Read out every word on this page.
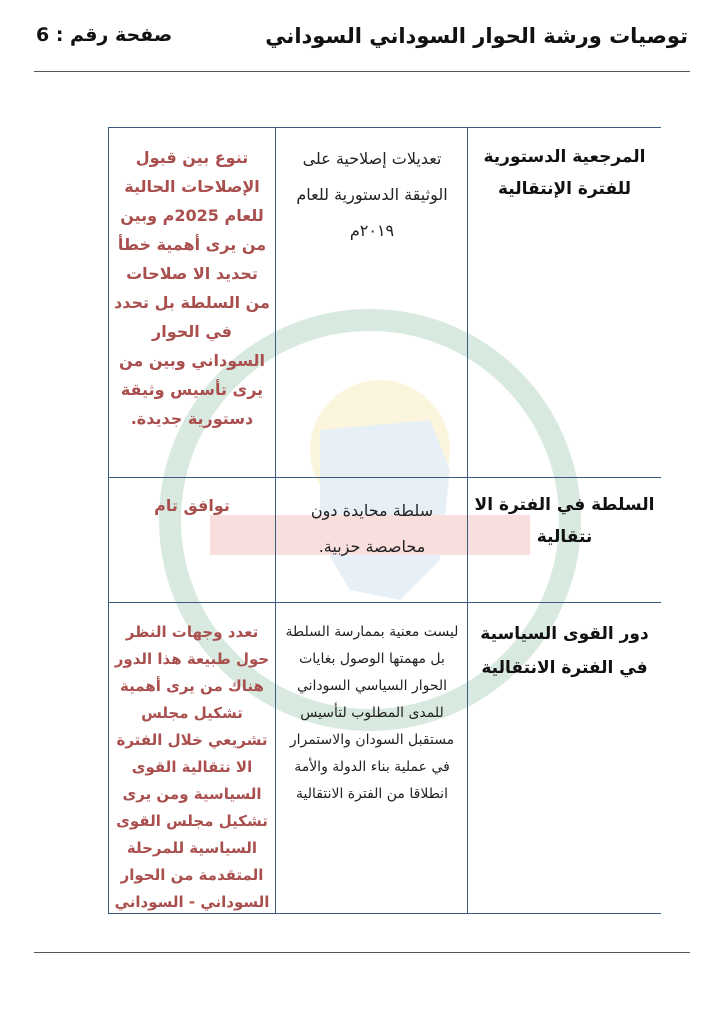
توصيات ورشة الحوار السوداني السوداني
صفحة رقم : 6
المرجعية الدستورية للفترة الإنتقالية
تعديلات إصلاحية على الوثيقة الدستورية للعام ٢٠١٩م
تنوع بين قبول الإصلاحات الحالية للعام 2025م وبين من يرى أهمية خطأ تحديد الا صلاحات من السلطة بل تحدد في الحوار السوداني وبين من يرى تأسيس وثيقة دستورية جديدة.
السلطة في الفترة الا نتقالية
سلطة محايدة دون محاصصة حزبية.
توافق تام
دور القوى السياسية في الفترة الانتقالية
ليست معنية بممارسة السلطة بل مهمتها الوصول بغايات الحوار السياسي السوداني للمدى المطلوب لتأسيس مستقبل السودان والاستمرار في عملية بناء الدولة والأمة انطلاقا من الفترة الانتقالية
تعدد وجهات النظر حول طبيعة هذا الدور هناك من يرى أهمية تشكيل مجلس تشريعي خلال الفترة الا نتقالية القوى السياسية ومن يرى تشكيل مجلس القوى السياسية للمرحلة المتقدمة من الحوار السوداني - السوداني
